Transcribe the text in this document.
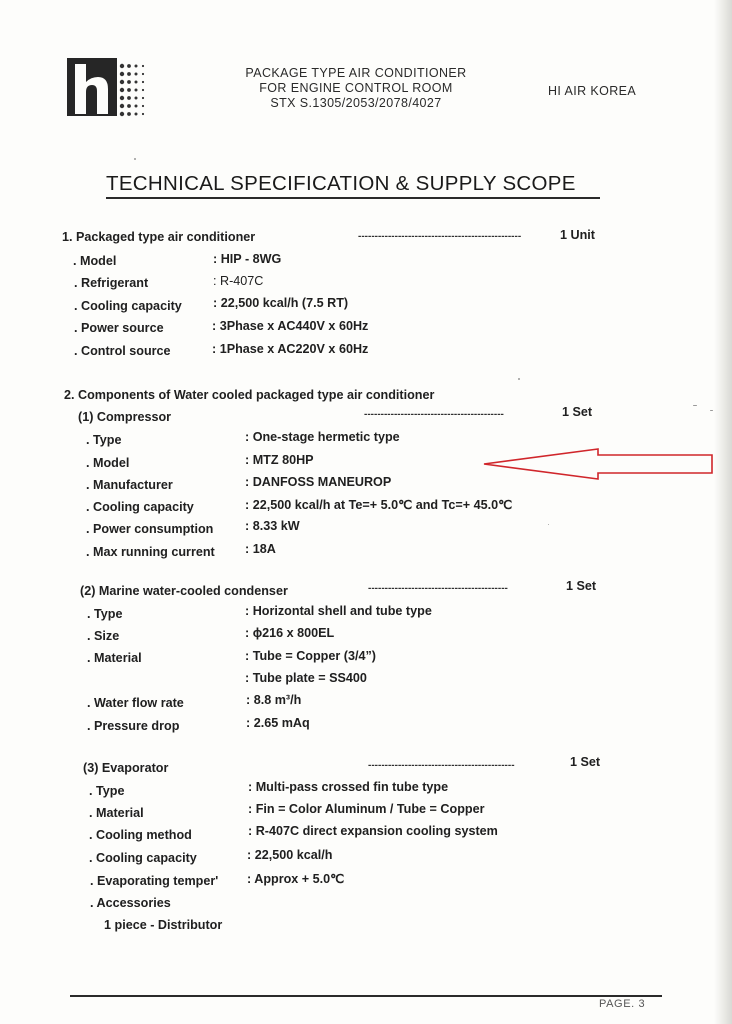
PACKAGE TYPE AIR CONDITIONER
FOR ENGINE CONTROL ROOM
STX S.1305/2053/2078/4027
HI AIR KOREA
TECHNICAL SPECIFICATION & SUPPLY SCOPE
1. Packaged type air conditioner	-------------------------------------------------	1 Unit
. Model	: HIP - 8WG
. Refrigerant	: R-407C
. Cooling capacity : 22,500 kcal/h (7.5 RT)
. Power source	: 3Phase x AC440V x 60Hz
. Control source	: 1Phase x AC220V x 60Hz
2. Components of Water cooled packaged type air conditioner
(1) Compressor	------------------------------------------	1 Set
. Type	: One-stage hermetic type
. Model	: MTZ 80HP
. Manufacturer	: DANFOSS MANEUROP
. Cooling capacity	: 22,500 kcal/h at Te=+ 5.0℃ and Tc=+ 45.0℃
. Power consumption	: 8.33 kW
. Max running current : 18A
(2) Marine water-cooled condenser	------------------------------------------	1 Set
. Type	: Horizontal shell and tube type
. Size	: ϕ216 x 800EL
. Material	: Tube = Copper (3/4”)
: Tube plate = SS400
. Water flow rate	: 8.8 m³/h
. Pressure drop	: 2.65 mAq
(3) Evaporator	--------------------------------------------	1 Set
. Type	: Multi-pass crossed fin tube type
. Material	: Fin = Color Aluminum / Tube = Copper
. Cooling method	: R-407C direct expansion cooling system
. Cooling capacity	: 22,500 kcal/h
. Evaporating temper' : Approx + 5.0℃
. Accessories
1 piece - Distributor
PAGE. 3
